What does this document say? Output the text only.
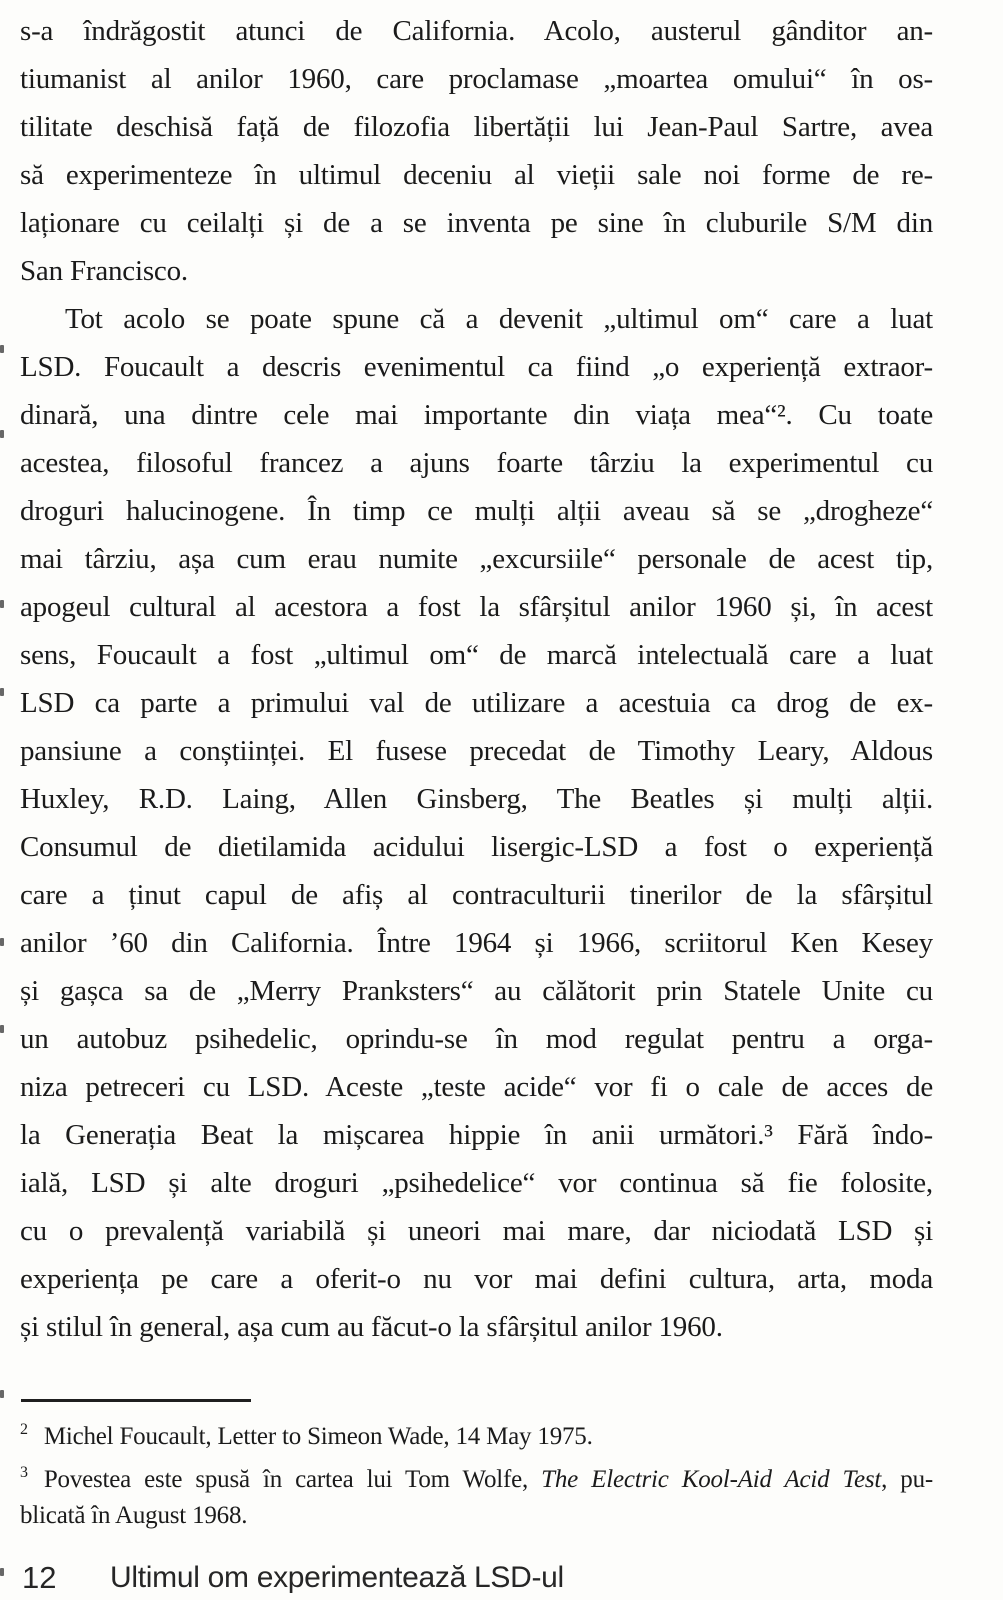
s-a îndrăgostit atunci de California. Acolo, austerul gânditor an-
tiumanist al anilor 1960, care proclamase „moartea omului“ în os-
tilitate deschisă față de filozofia libertății lui Jean-Paul Sartre, avea
să experimenteze în ultimul deceniu al vieții sale noi forme de re-
laționare cu ceilalți și de a se inventa pe sine în cluburile S/M din
San Francisco.
Tot acolo se poate spune că a devenit „ultimul om“ care a luat
LSD. Foucault a descris evenimentul ca fiind „o experiență extraor-
dinară, una dintre cele mai importante din viața mea“². Cu toate
acestea, filosoful francez a ajuns foarte târziu la experimentul cu
droguri halucinogene. În timp ce mulți alții aveau să se „drogheze“
mai târziu, așa cum erau numite „excursiile“ personale de acest tip,
apogeul cultural al acestora a fost la sfârșitul anilor 1960 și, în acest
sens, Foucault a fost „ultimul om“ de marcă intelectuală care a luat
LSD ca parte a primului val de utilizare a acestuia ca drog de ex-
pansiune a conștiinței. El fusese precedat de Timothy Leary, Aldous
Huxley, R.D. Laing, Allen Ginsberg, The Beatles și mulți alții.
Consumul de dietilamida acidului lisergic-LSD a fost o experiență
care a ținut capul de afiș al contraculturii tinerilor de la sfârșitul
anilor ’60 din California. Între 1964 și 1966, scriitorul Ken Kesey
și gașca sa de „Merry Pranksters“ au călătorit prin Statele Unite cu
un autobuz psihedelic, oprindu-se în mod regulat pentru a orga-
niza petreceri cu LSD. Aceste „teste acide“ vor fi o cale de acces de
la Generația Beat la mișcarea hippie în anii următori.³ Fără îndo-
ială, LSD și alte droguri „psihedelice“ vor continua să fie folosite,
cu o prevalență variabilă și uneori mai mare, dar niciodată LSD și
experiența pe care a oferit-o nu vor mai defini cultura, arta, moda
și stilul în general, așa cum au făcut-o la sfârșitul anilor 1960.
$^2$ Michel Foucault, Letter to Simeon Wade, 14 May 1975.
$^3$ Povestea este spusă în cartea lui Tom Wolfe, The Electric Kool-Aid Acid Test, pu-
blicată în August 1968.
12 Ultimul om experimentează LSD-ul
